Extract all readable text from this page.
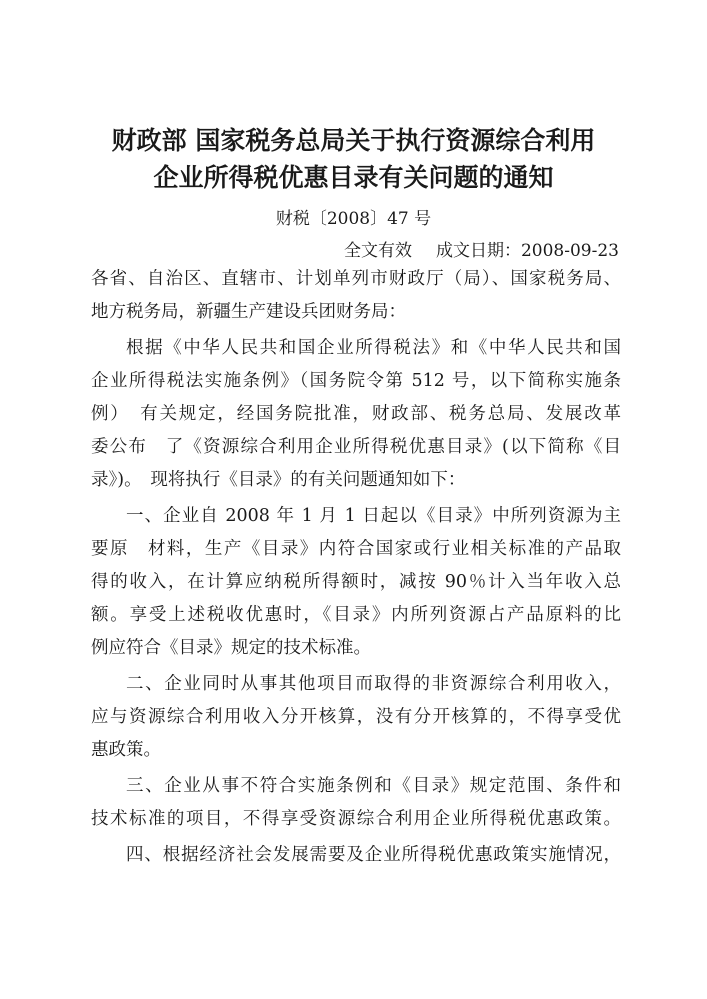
财政部 国家税务总局关于执行资源综合利用
企业所得税优惠目录有关问题的通知
财税〔2008〕47 号
全文有效 成文日期：2008-09-23
各省、自治区、直辖市、计划单列市财政厅（局）、国家税务局、
地方税务局，新疆生产建设兵团财务局：
根据《中华人民共和国企业所得税法》和《中华人民共和国
企业所得税法实施条例》（国务院令第 512 号，以下简称实施条
例）　有关规定，经国务院批准，财政部、税务总局、发展改革
委公布　了《资源综合利用企业所得税优惠目录》(以下简称《目
录》)。　现将执行《目录》的有关问题通知如下：
一、企业自 2008 年 1 月 1 日起以《目录》中所列资源为主
要原　材料，生产《目录》内符合国家或行业相关标准的产品取
得的收入，在计算应纳税所得额时，减按 90％计入当年收入总
额。享受上述税收优惠时，《目录》内所列资源占产品原料的比
例应符合《目录》规定的技术标准。
二、企业同时从事其他项目而取得的非资源综合利用收入，
应与资源综合利用收入分开核算，没有分开核算的，不得享受优
惠政策。
三、企业从事不符合实施条例和《目录》规定范围、条件和
技术标准的项目，不得享受资源综合利用企业所得税优惠政策。
四、根据经济社会发展需要及企业所得税优惠政策实施情况，
